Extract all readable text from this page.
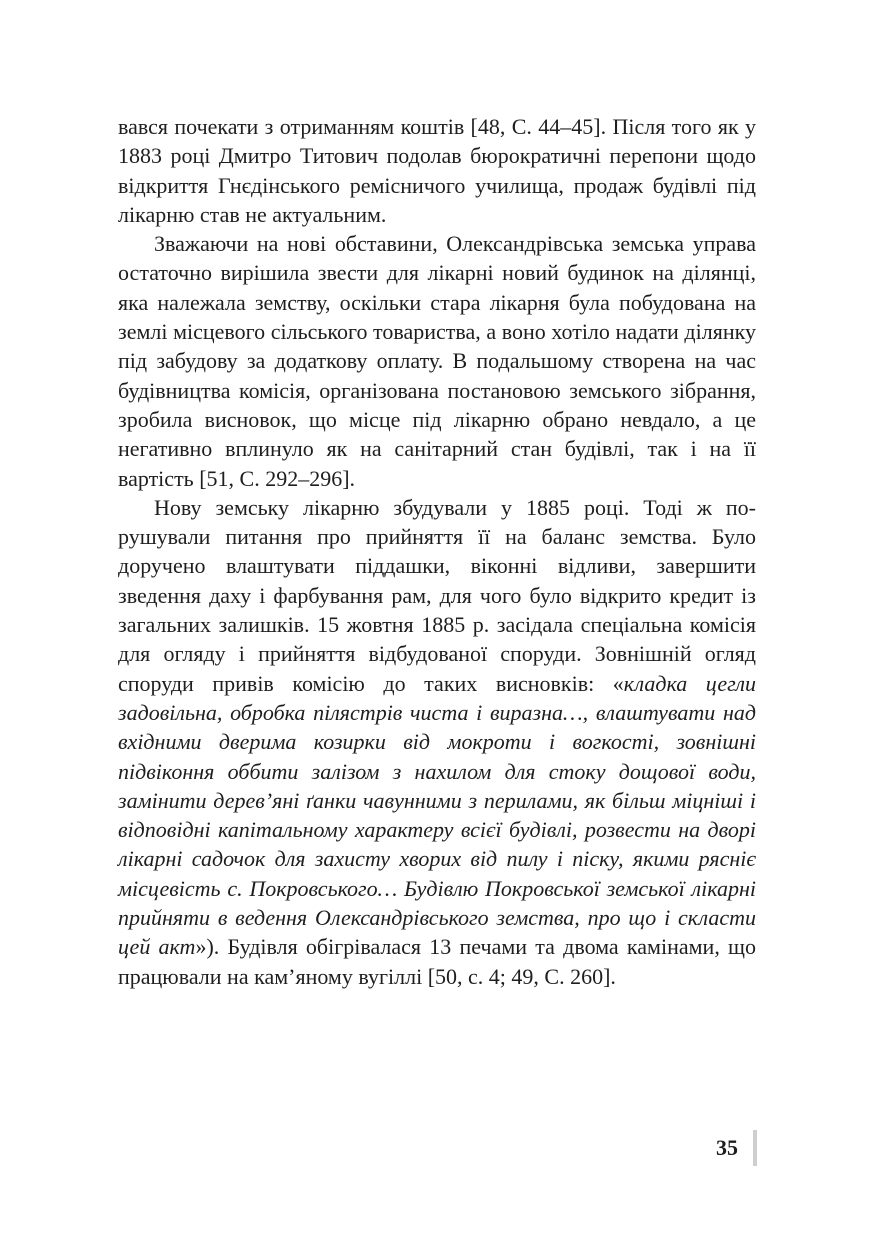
вався почекати з отриманням коштів [48, С. 44–45]. Після того як у 1883 році Дмитро Титович подолав бюрократичні перепони щодо відкриття Гнєдінського ремісничого училища, продаж будівлі під лікарню став не актуальним.

Зважаючи на нові обставини, Олександрівська земська управа остаточно вирішила звести для лікарні новий будинок на ділянці, яка належала земству, оскільки стара лікарня була побудована на землі місцевого сільського товариства, а воно хотіло надати ділянку під забудову за додаткову оплату. В подальшому створена на час будівництва комісія, організована постановою земського зібрання, зробила висновок, що місце під лікарню обрано невдало, а це негативно вплинуло як на санітарний стан будівлі, так і на її вартість [51, С. 292–296].

Нову земську лікарню збудували у 1885 році. Тоді ж порушували питання про прийняття її на баланс земства. Було доручено влаштувати піддашки, віконні відливи, завершити зведення даху і фарбування рам, для чого було відкрито кредит із загальних залишків. 15 жовтня 1885 р. засідала спеціальна комісія для огляду і прийняття відбудованої споруди. Зовнішній огляд споруди привів комісію до таких висновків: «кладка цегли задовільна, обробка пілястрів чиста і виразна…, влаштувати над вхідними дверима козирки від мокроти і вогкості, зовнішні підвіконня оббити залізом з нахилом для стоку дощової води, замінити дерев’яні ґанки чавунними з перилами, як більш міцніші і відповідні капітальному характеру всієї будівлі, розвести на дворі лікарні садочок для захисту хворих від пилу і піску, якими рясніє місцевість с. Покровського… Будівлю Покровської земської лікарні прийняти в ведення Олександрівського земства, про що і скласти цей акт»). Будівля обігрівалася 13 печами та двома камінами, що працювали на кам’яному вугіллі [50, с. 4; 49, С. 260].

35
